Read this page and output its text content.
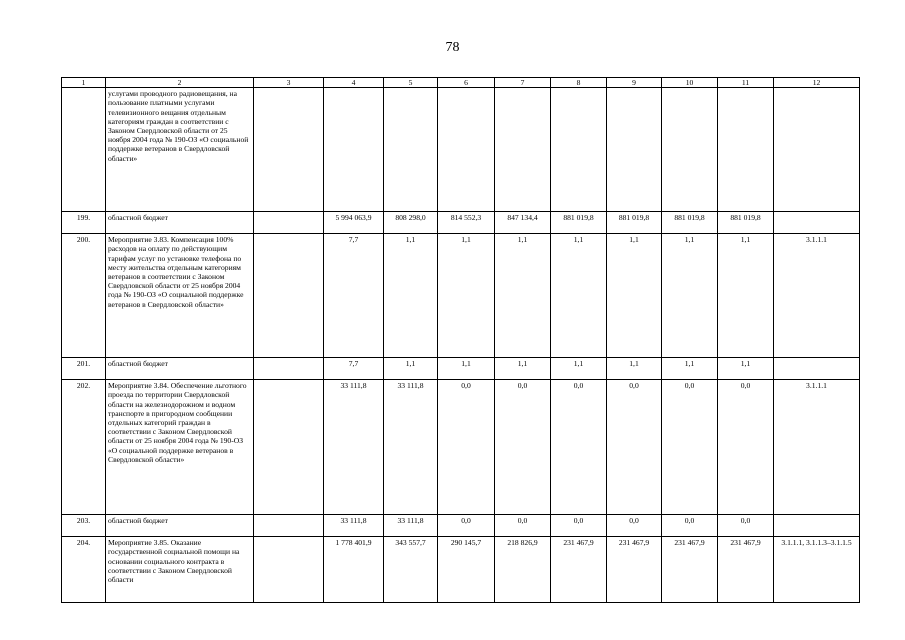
78
1	2	3	4	5	6	7	8	9	10	11	12
	услугами проводного радиовещания, на пользование платными услугами телевизионного вещания отдельным категориям граждан в соответствии с Законом Свердловской области от 25 ноября 2004 года № 190-ОЗ «О социальной поддержке ветеранов в Свердловской области»										
199.	областной бюджет		5 994 063,9	808 298,0	814 552,3	847 134,4	881 019,8	881 019,8	881 019,8	881 019,8	
200.	Мероприятие 3.83. Компенсация 100% расходов на оплату по действующим тарифам услуг по установке телефона по месту жительства отдельным категориям ветеранов в соответствии с Законом Свердловской области от 25 ноября 2004 года № 190-ОЗ «О социальной поддержке ветеранов в Свердловской области»		7,7	1,1	1,1	1,1	1,1	1,1	1,1	1,1	3.1.1.1
201.	областной бюджет		7,7	1,1	1,1	1,1	1,1	1,1	1,1	1,1	
202.	Мероприятие 3.84. Обеспечение льготного проезда по территории Свердловской области на железнодорожном и водном транспорте в пригородном сообщении отдельных категорий граждан в соответствии с Законом Свердловской области от 25 ноября 2004 года № 190-ОЗ «О социальной поддержке ветеранов в Свердловской области»		33 111,8	33 111,8	0,0	0,0	0,0	0,0	0,0	0,0	3.1.1.1
203.	областной бюджет		33 111,8	33 111,8	0,0	0,0	0,0	0,0	0,0	0,0	
204.	Мероприятие 3.85. Оказание государственной социальной помощи на основании социального контракта в соответствии с Законом Свердловской области		1 778 401,9	343 557,7	290 145,7	218 826,9	231 467,9	231 467,9	231 467,9	231 467,9	3.1.1.1, 3.1.1.3–3.1.1.5
